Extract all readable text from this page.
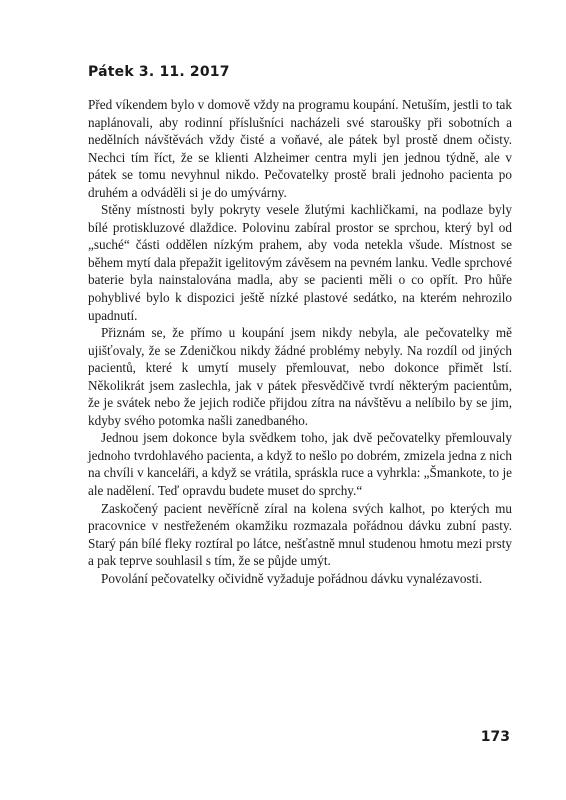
Pátek 3. 11. 2017

Před víkendem bylo v domově vždy na programu koupání. Netuším, jestli to tak naplánovali, aby rodinní příslušníci nacházeli své staroušky při sobotních a nedělních návštěvách vždy čisté a voňavé, ale pátek byl prostě dnem očisty. Nechci tím říct, že se klienti Alzheimer centra myli jen jednou týdně, ale v pátek se tomu nevyhnul nikdo. Pečovatelky prostě brali jednoho pacienta po druhém a odváděli si je do umývárny.

Stěny místnosti byly pokryty vesele žlutými kachličkami, na podlaze byly bílé protiskluzové dlaždice. Polovinu zabíral prostor se sprchou, který byl od „suché“ části oddělen nízkým prahem, aby voda netekla všude. Místnost se během mytí dala přepažit igelitovým závěsem na pevném lanku. Vedle sprchové baterie byla nainstalována madla, aby se pacienti měli o co opřít. Pro hůře pohyblivé bylo k dispozici ještě nízké plastové sedátko, na kterém nehrozilo upadnutí.

Přiznám se, že přímo u koupání jsem nikdy nebyla, ale pečovatelky mě ujišťovaly, že se Zdeničkou nikdy žádné problémy nebyly. Na rozdíl od jiných pacientů, které k umytí musely přemlouvat, nebo dokonce přimět lstí. Několikrát jsem zaslechla, jak v pátek přesvědčivě tvrdí některým pacientům, že je svátek nebo že jejich rodiče přijdou zítra na návštěvu a nelíbilo by se jim, kdyby svého potomka našli zanedbaného.

Jednou jsem dokonce byla svědkem toho, jak dvě pečovatelky přemlouvaly jednoho tvrdohlavého pacienta, a když to nešlo po dobrém, zmizela jedna z nich na chvíli v kanceláři, a když se vrátila, spráskla ruce a vyhrkla: „Šmankote, to je ale nadělení. Teď opravdu budete muset do sprchy.“

Zaskočený pacient nevěřícně zíral na kolena svých kalhot, po kterých mu pracovnice v nestřeženém okamžiku rozmazala pořádnou dávku zubní pasty. Starý pán bílé fleky roztíral po látce, nešťastně mnul studenou hmotu mezi prsty a pak teprve souhlasil s tím, že se půjde umýt.

Povolání pečovatelky očividně vyžaduje pořádnou dávku vynalézavosti.

173
